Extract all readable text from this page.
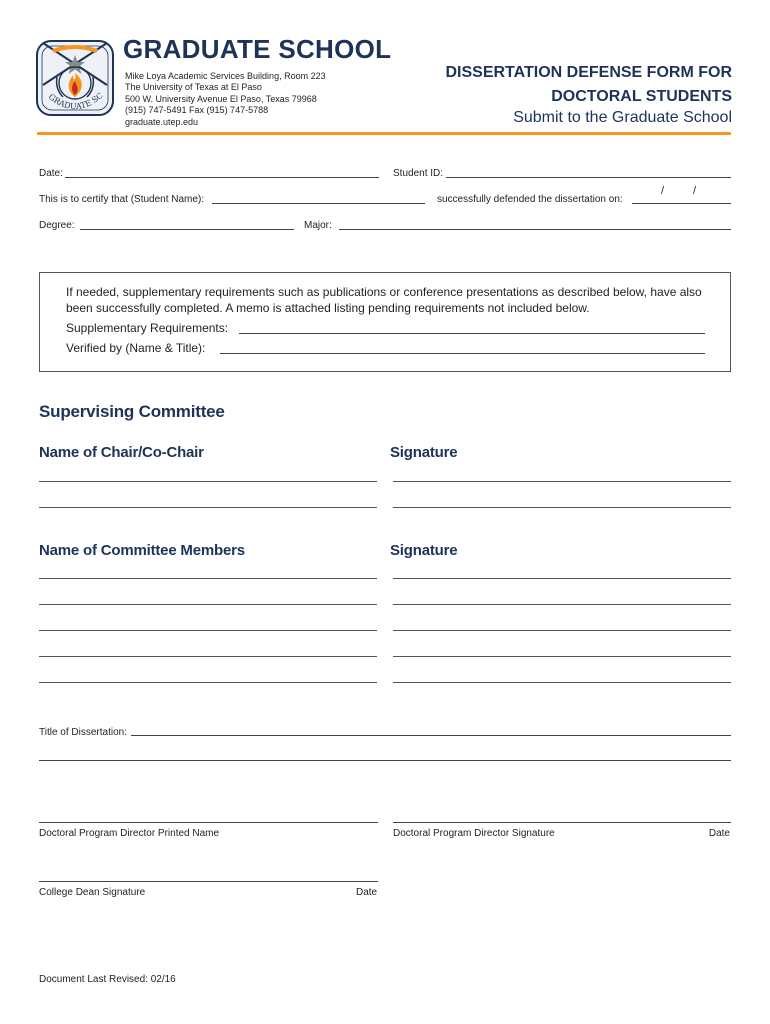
GRADUATE SC
GRADUATE SCHOOL
Mike Loya Academic Services Building, Room 223
The University of Texas at El Paso
500 W. University Avenue El Paso, Texas 79968
(915) 747-5491 Fax (915) 747-5788
graduate.utep.edu
DISSERTATION DEFENSE FORM FOR
DOCTORAL STUDENTS
Submit to the Graduate School
Date:	Student ID:
This is to certify that (Student Name):	successfully defended the dissertation on:
/	/
Degree:	Major:
If needed, supplementary requirements such as publications or conference presentations as described below, have also been successfully completed. A memo is attached listing pending requirements not included below.
Supplementary Requirements:
Verified by (Name & Title):
Supervising Committee
Name of Chair/Co-Chair	Signature
Name of Committee Members	Signature
Title of Dissertation:
Doctoral Program Director Printed Name	Doctoral Program Director Signature	Date
College Dean Signature	Date
Document Last Revised: 02/16
